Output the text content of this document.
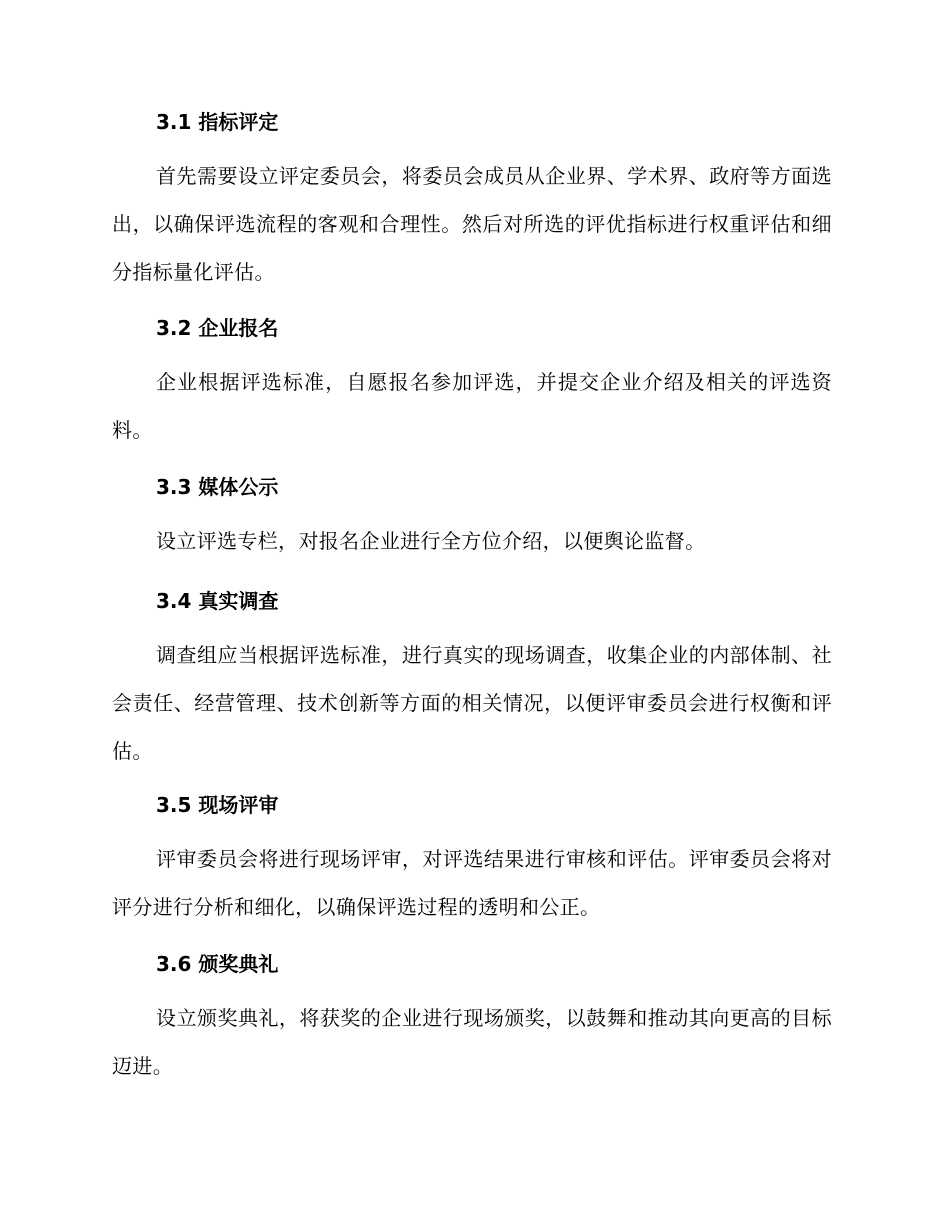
3.1 指标评定

首先需要设立评定委员会，将委员会成员从企业界、学术界、政府等方面选出，以确保评选流程的客观和合理性。然后对所选的评优指标进行权重评估和细分指标量化评估。

3.2 企业报名

企业根据评选标准，自愿报名参加评选，并提交企业介绍及相关的评选资料。

3.3 媒体公示

设立评选专栏，对报名企业进行全方位介绍，以便舆论监督。

3.4 真实调查

调查组应当根据评选标准，进行真实的现场调查，收集企业的内部体制、社会责任、经营管理、技术创新等方面的相关情况，以便评审委员会进行权衡和评估。

3.5 现场评审

评审委员会将进行现场评审，对评选结果进行审核和评估。评审委员会将对评分进行分析和细化，以确保评选过程的透明和公正。

3.6 颁奖典礼

设立颁奖典礼，将获奖的企业进行现场颁奖，以鼓舞和推动其向更高的目标迈进。
